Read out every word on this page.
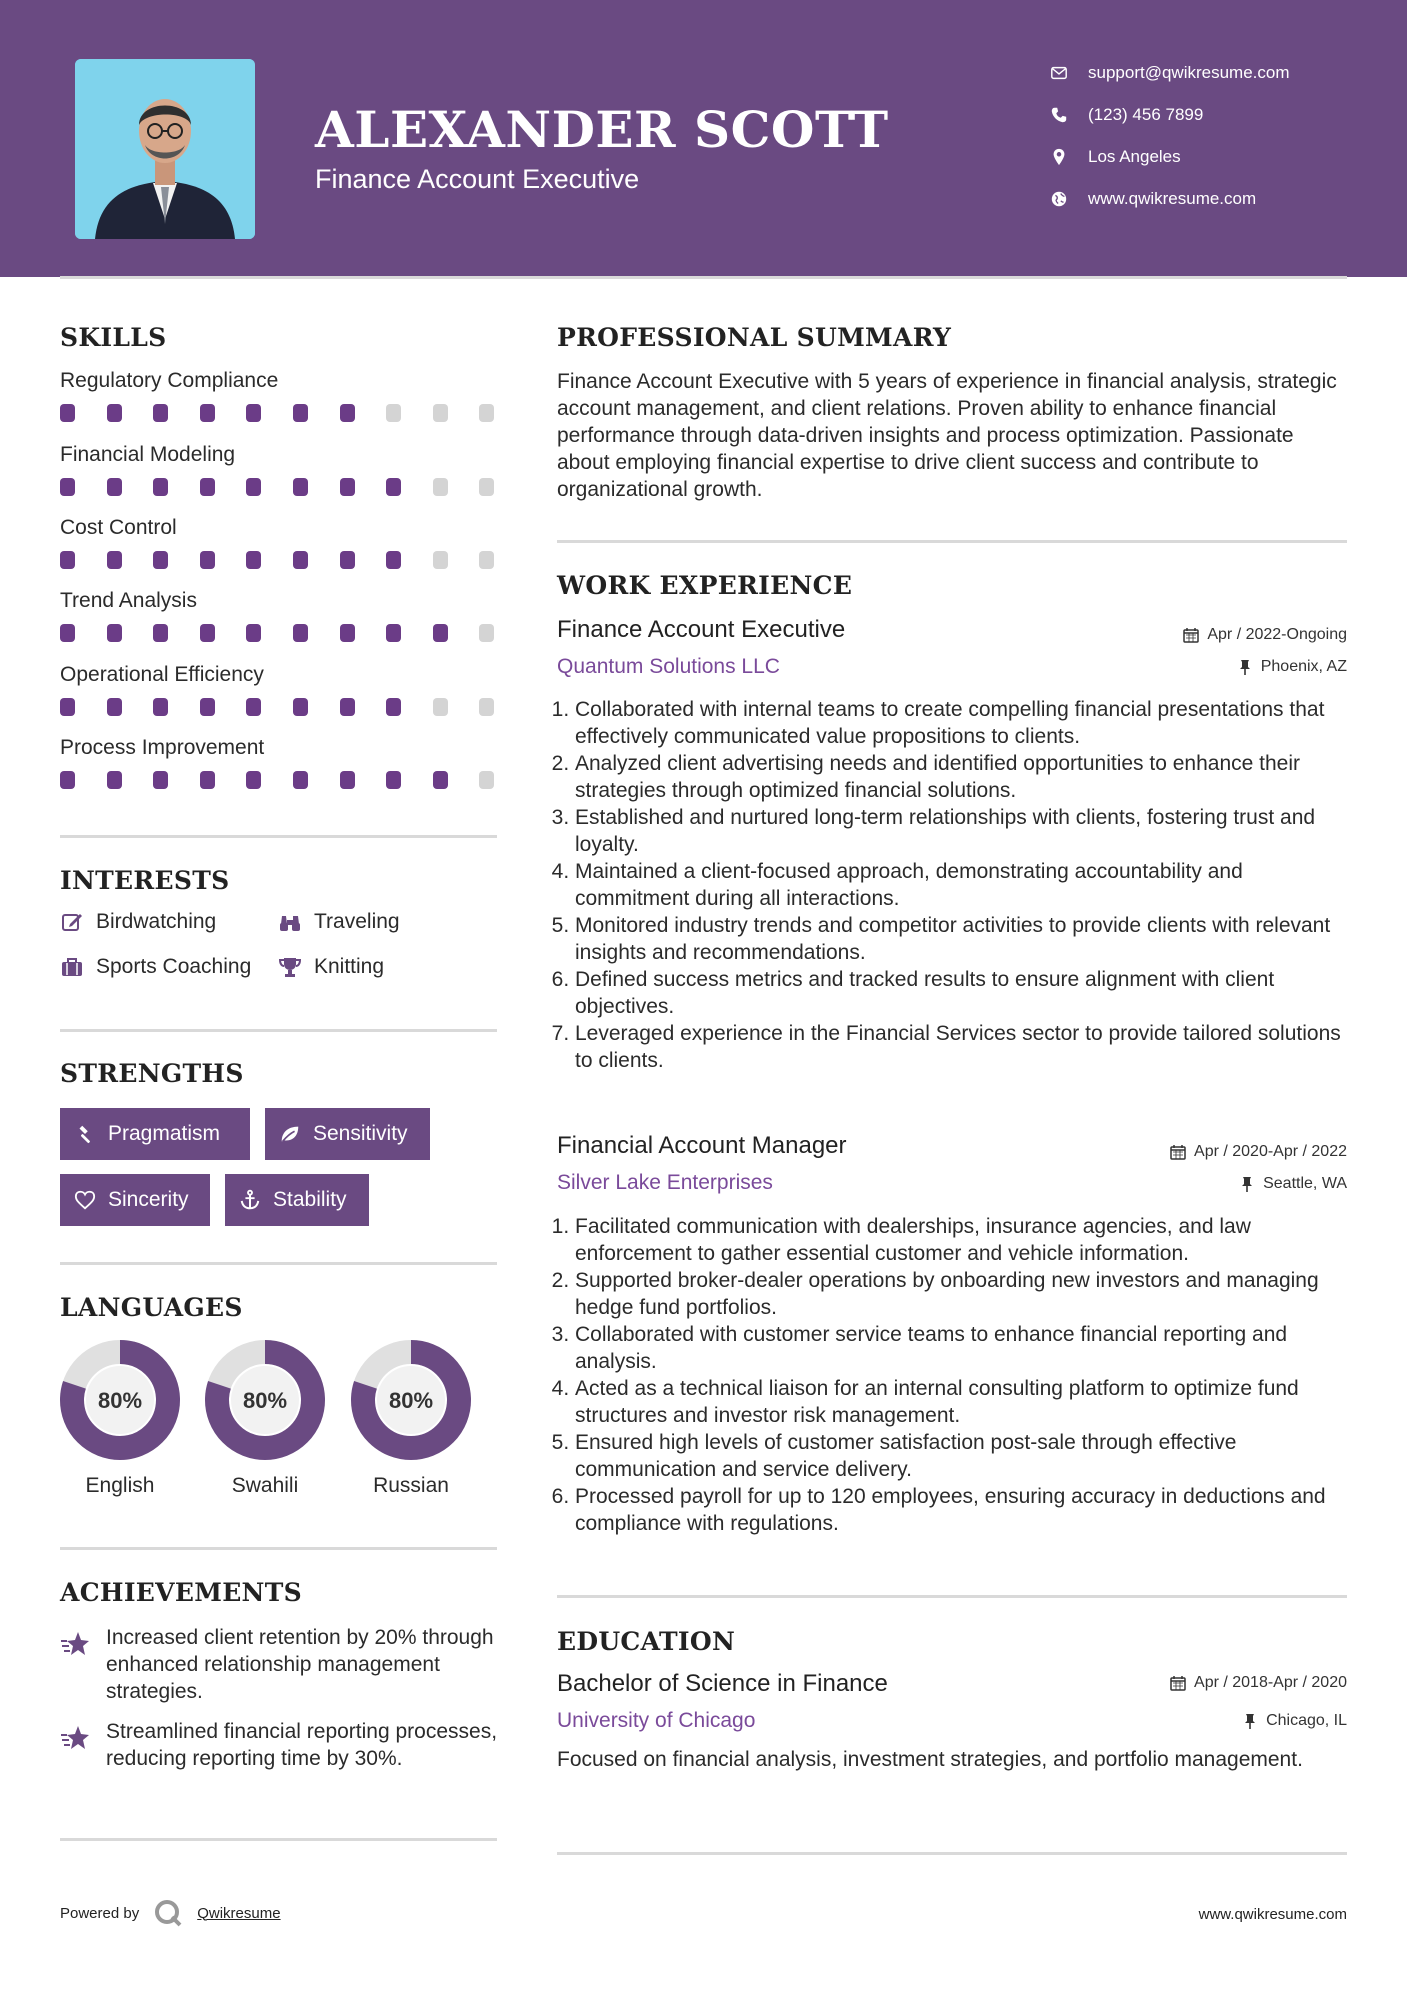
ALEXANDER SCOTT
Finance Account Executive
support@qwikresume.com
(123) 456 7899
Los Angeles
www.qwikresume.com
SKILLS
Regulatory Compliance
Financial Modeling
Cost Control
Trend Analysis
Operational Efficiency
Process Improvement
INTERESTS
Birdwatching	Traveling
Sports Coaching	Knitting
STRENGTHS
Pragmatism	Sensitivity
Sincerity	Stability
LANGUAGES
80%
English
80%
Swahili
80%
Russian
ACHIEVEMENTS
Increased client retention by 20% through enhanced relationship management strategies.
Streamlined financial reporting processes, reducing reporting time by 30%.
PROFESSIONAL SUMMARY
Finance Account Executive with 5 years of experience in financial analysis, strategic account management, and client relations. Proven ability to enhance financial performance through data-driven insights and process optimization. Passionate about employing financial expertise to drive client success and contribute to organizational growth.
WORK EXPERIENCE
Finance Account Executive	Apr / 2022-Ongoing
Quantum Solutions LLC	Phoenix, AZ
1. Collaborated with internal teams to create compelling financial presentations that effectively communicated value propositions to clients.
2. Analyzed client advertising needs and identified opportunities to enhance their strategies through optimized financial solutions.
3. Established and nurtured long-term relationships with clients, fostering trust and loyalty.
4. Maintained a client-focused approach, demonstrating accountability and commitment during all interactions.
5. Monitored industry trends and competitor activities to provide clients with relevant insights and recommendations.
6. Defined success metrics and tracked results to ensure alignment with client objectives.
7. Leveraged experience in the Financial Services sector to provide tailored solutions to clients.
Financial Account Manager	Apr / 2020-Apr / 2022
Silver Lake Enterprises	Seattle, WA
1. Facilitated communication with dealerships, insurance agencies, and law enforcement to gather essential customer and vehicle information.
2. Supported broker-dealer operations by onboarding new investors and managing hedge fund portfolios.
3. Collaborated with customer service teams to enhance financial reporting and analysis.
4. Acted as a technical liaison for an internal consulting platform to optimize fund structures and investor risk management.
5. Ensured high levels of customer satisfaction post-sale through effective communication and service delivery.
6. Processed payroll for up to 120 employees, ensuring accuracy in deductions and compliance with regulations.
EDUCATION
Bachelor of Science in Finance	Apr / 2018-Apr / 2020
University of Chicago	Chicago, IL
Focused on financial analysis, investment strategies, and portfolio management.
Powered by	Qwikresume	www.qwikresume.com
